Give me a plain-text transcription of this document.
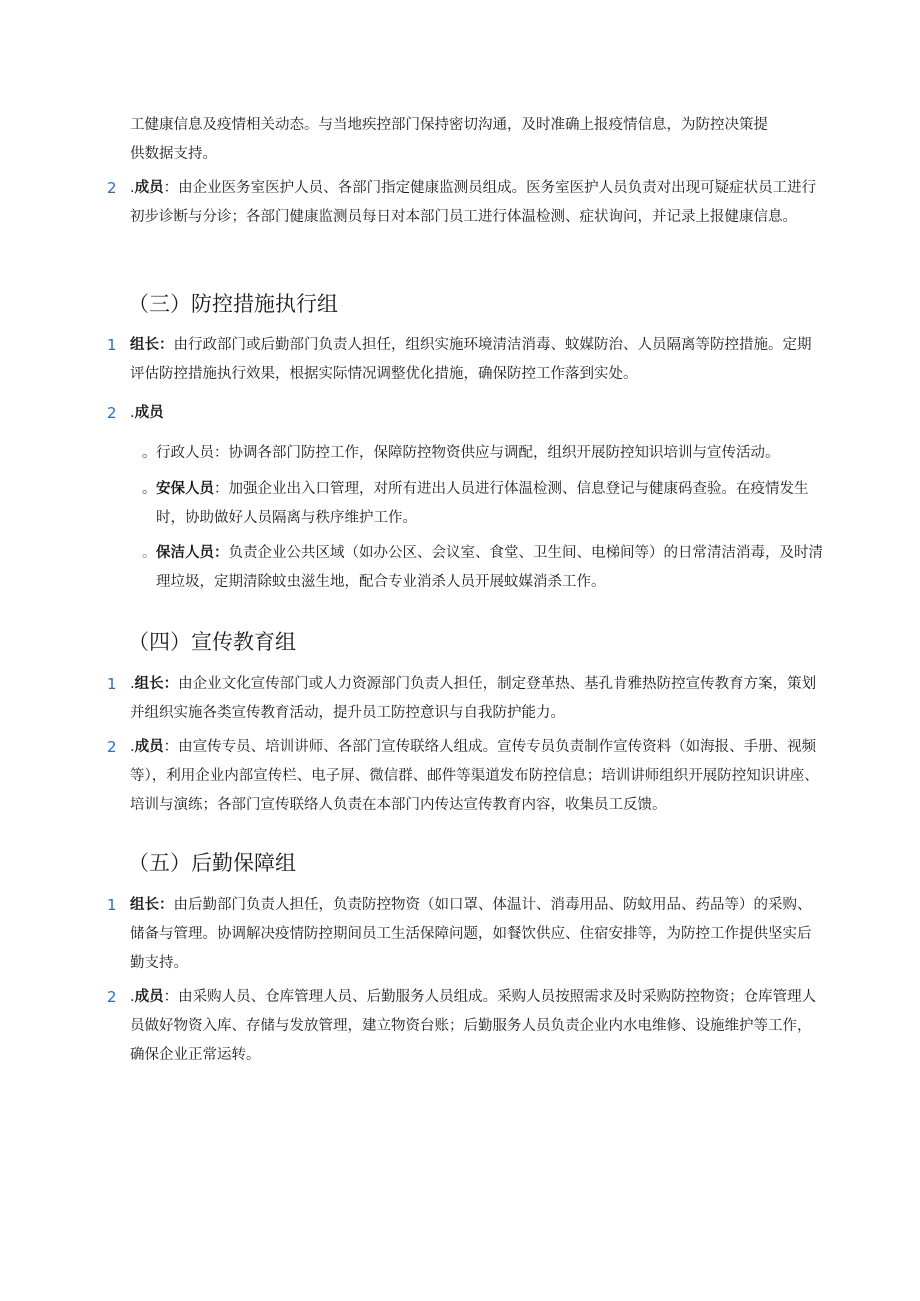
工健康信息及疫情相关动态。与当地疾控部门保持密切沟通，及时准确上报疫情信息，为防控决策提
供数据支持。

2 .成员：由企业医务室医护人员、各部门指定健康监测员组成。医务室医护人员负责对出现可疑症状员工进行初步诊断与分诊；各部门健康监测员每日对本部门员工进行体温检测、症状询问，并记录上报健康信息。
（三）防控措施执行组
1 组长：由行政部门或后勤部门负责人担任，组织实施环境清洁消毒、蚊媒防治、人员隔离等防控措施。定期评估防控措施执行效果，根据实际情况调整优化措施，确保防控工作落到实处。
2 .成员
。 行政人员：协调各部门防控工作，保障防控物资供应与调配，组织开展防控知识培训与宣传活动。
。 安保人员：加强企业出入口管理，对所有进出人员进行体温检测、信息登记与健康码查验。在疫情发生时，协助做好人员隔离与秩序维护工作。
。 保洁人员：负责企业公共区域（如办公区、会议室、食堂、卫生间、电梯间等）的日常清洁消毒，及时清理垃圾，定期清除蚊虫滋生地，配合专业消杀人员开展蚊媒消杀工作。
（四）宣传教育组
1 .组长：由企业文化宣传部门或人力资源部门负责人担任，制定登革热、基孔肯雅热防控宣传教育方案，策划并组织实施各类宣传教育活动，提升员工防控意识与自我防护能力。
2 .成员：由宣传专员、培训讲师、各部门宣传联络人组成。宣传专员负责制作宣传资料（如海报、手册、视频等），利用企业内部宣传栏、电子屏、微信群、邮件等渠道发布防控信息；培训讲师组织开展防控知识讲座、培训与演练；各部门宣传联络人负责在本部门内传达宣传教育内容，收集员工反馈。
（五）后勤保障组
1 组长：由后勤部门负责人担任，负责防控物资（如口罩、体温计、消毒用品、防蚊用品、药品等）的采购、储备与管理。协调解决疫情防控期间员工生活保障问题，如餐饮供应、住宿安排等，为防控工作提供坚实后勤支持。
2 .成员：由采购人员、仓库管理人员、后勤服务人员组成。采购人员按照需求及时采购防控物资；仓库管理人员做好物资入库、存储与发放管理，建立物资台账；后勤服务人员负责企业内水电维修、设施维护等工作，确保企业正常运转。
